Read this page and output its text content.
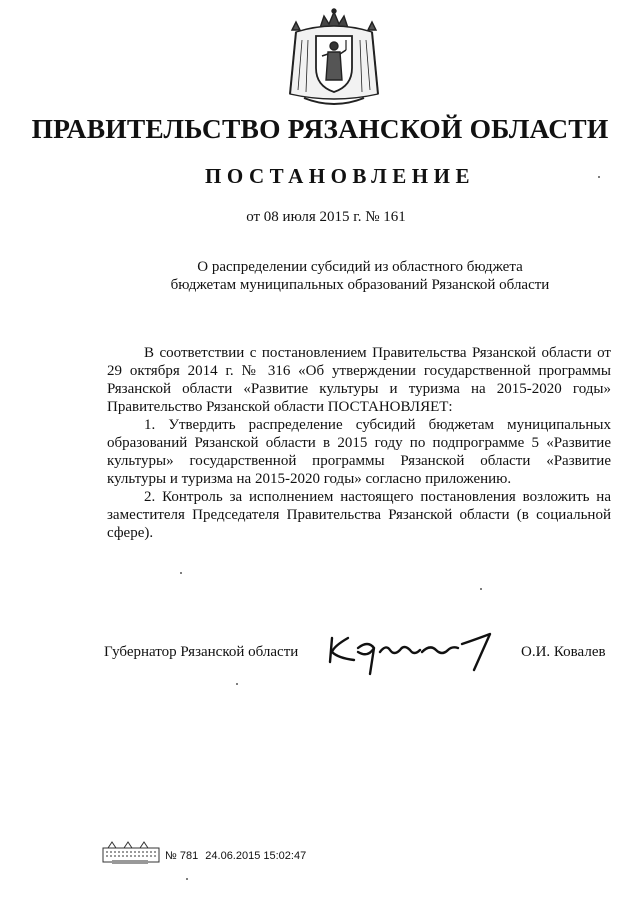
ПРАВИТЕЛЬСТВО РЯЗАНСКОЙ ОБЛАСТИ
ПОСТАНОВЛЕНИЕ
от 08 июля 2015 г. № 161
О распределении субсидий из областного бюджета
бюджетам муниципальных образований Рязанской области

В соответствии с постановлением Правительства Рязанской области от 29 октября 2014 г. № 316 «Об утверждении государственной программы Рязанской области «Развитие культуры и туризма на 2015-2020 годы» Правительство Рязанской области ПОСТАНОВЛЯЕТ:

1. Утвердить распределение субсидий бюджетам муниципальных образований Рязанской области в 2015 году по подпрограмме 5 «Развитие культуры» государственной программы Рязанской области «Развитие культуры и туризма на 2015-2020 годы» согласно приложению.

2. Контроль за исполнением настоящего постановления возложить на заместителя Председателя Правительства Рязанской области (в социальной сфере).

Губернатор Рязанской области	О.И. Ковалев
№ 781 24.06.2015 15:02:47
